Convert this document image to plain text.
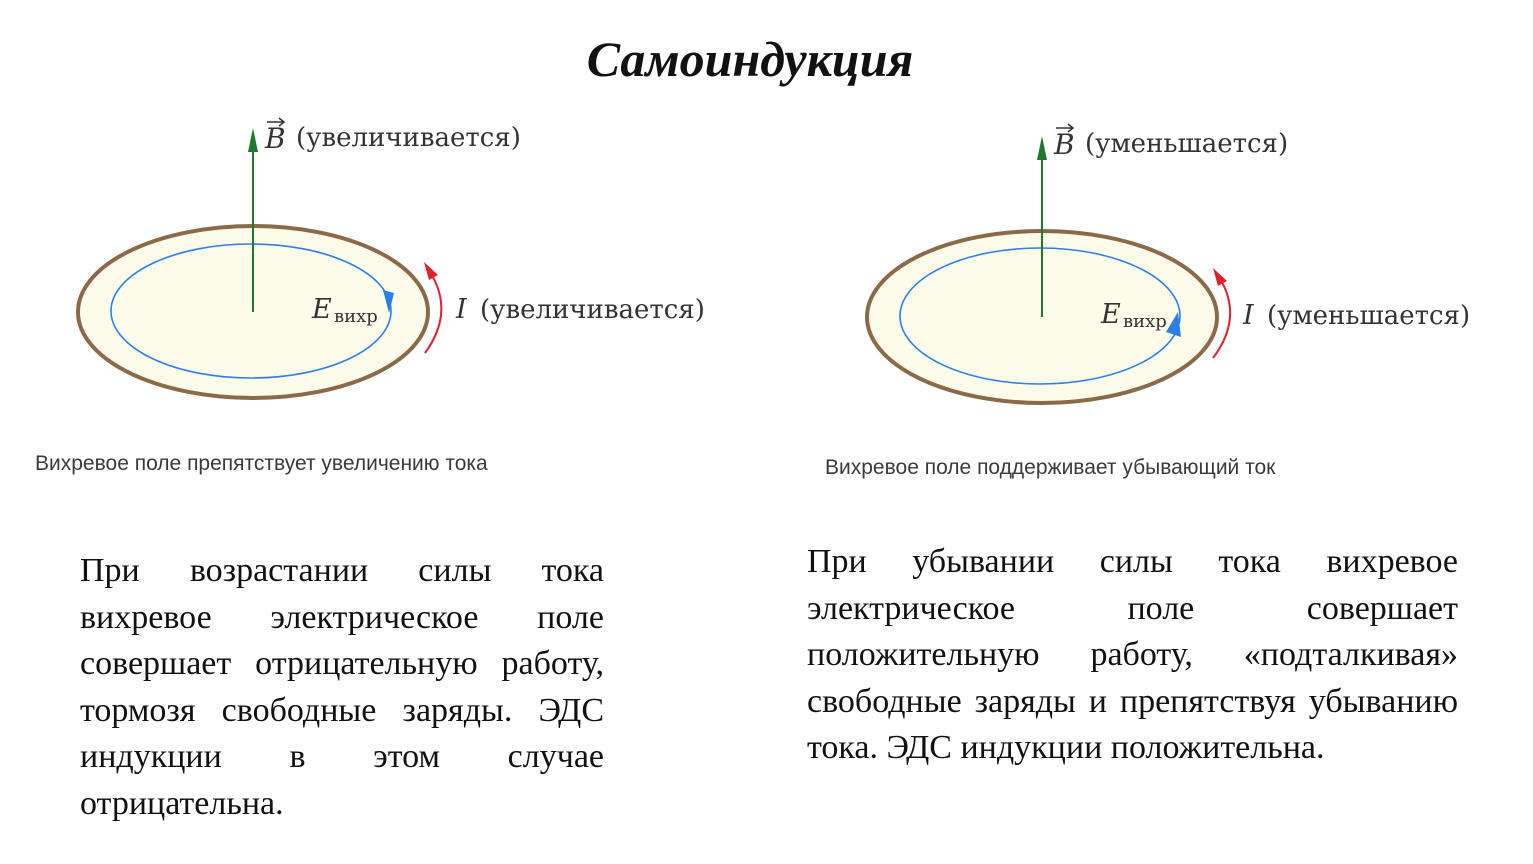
Самоиндукция
B (увеличивается)
E вихр	I (увеличивается)
B (уменьшается)
E вихр	I (уменьшается)
Вихревое поле препятствует увеличению тока	Вихревое поле поддерживает убывающий ток
При возрастании силы тока вихревое электрическое поле совершает отрицательную работу, тормозя свободные заряды. ЭДС индукции в этом случае отрицательна.
При убывании силы тока вихревое электрическое поле совершает положительную работу, «подталкивая» свободные заряды и препятствуя убыванию тока. ЭДС индукции положительна.
